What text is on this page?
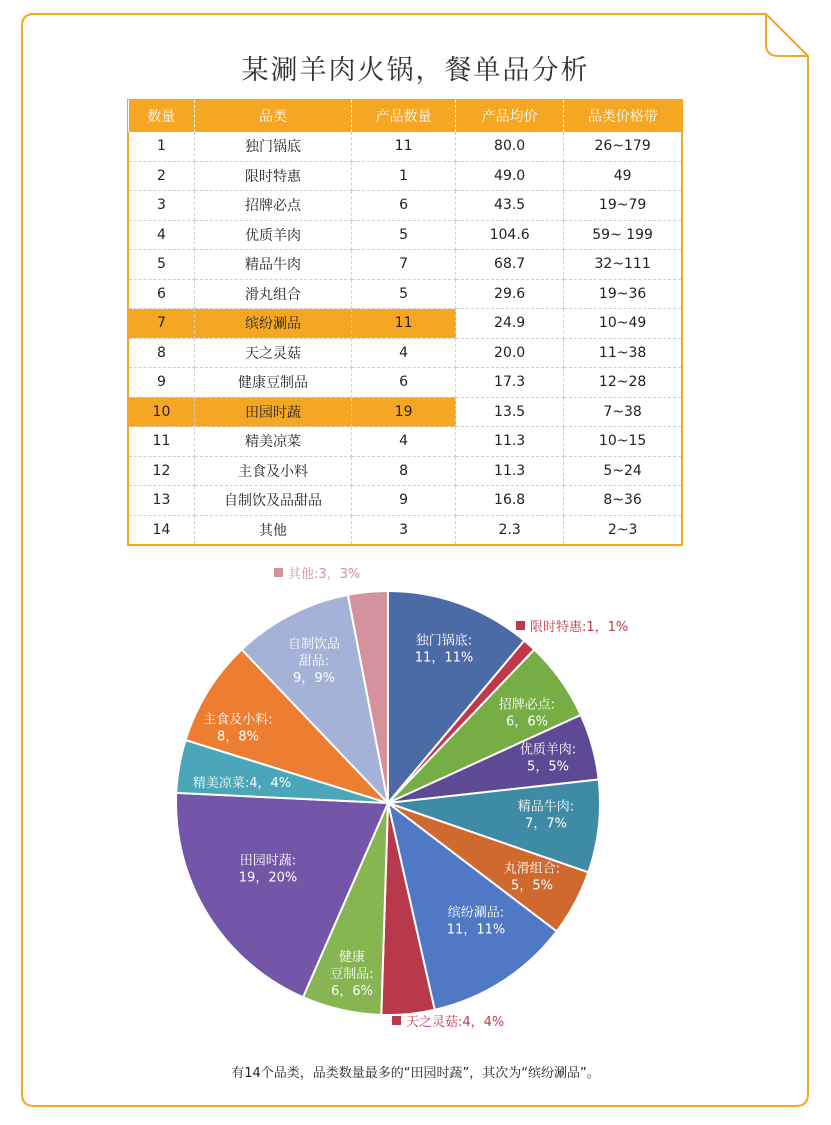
某涮羊肉火锅，餐单品分析
数量	品类	产品数量	产品均价	品类价格带
1	独门锅底	11	80.0	26~179
2	限时特惠	1	49.0	49
3	招牌必点	6	43.5	19~79
4	优质羊肉	5	104.6	59~ 199
5	精品牛肉	7	68.7	32~111
6	滑丸组合	5	29.6	19~36
7	缤纷涮品	11	24.9	10~49
8	天之灵菇	4	20.0	11~38
9	健康豆制品	6	17.3	12~28
10	田园时蔬	19	13.5	7~38
11	精美凉菜	4	11.3	10~15
12	主食及小料	8	11.3	5~24
13	自制饮及品甜品	9	16.8	8~36
14	其他	3	2.3	2~3
独门锅底:
11，11%
限时特惠:1，1%
招牌必点:
6，6%
优质羊肉:
5，5%
精品牛肉:
7，7%
丸滑组合:
5，5%
缤纷涮品:
11，11%
天之灵菇:4，4%
健康
豆制品:
6，6%
田园时蔬:
19，20%
精美凉菜:4，4%
主食及小料:
8，8%
自制饮品
甜品:
9，9%
其他:3，3%
有14个品类，品类数量最多的“田园时蔬”，其次为“缤纷涮品”。
